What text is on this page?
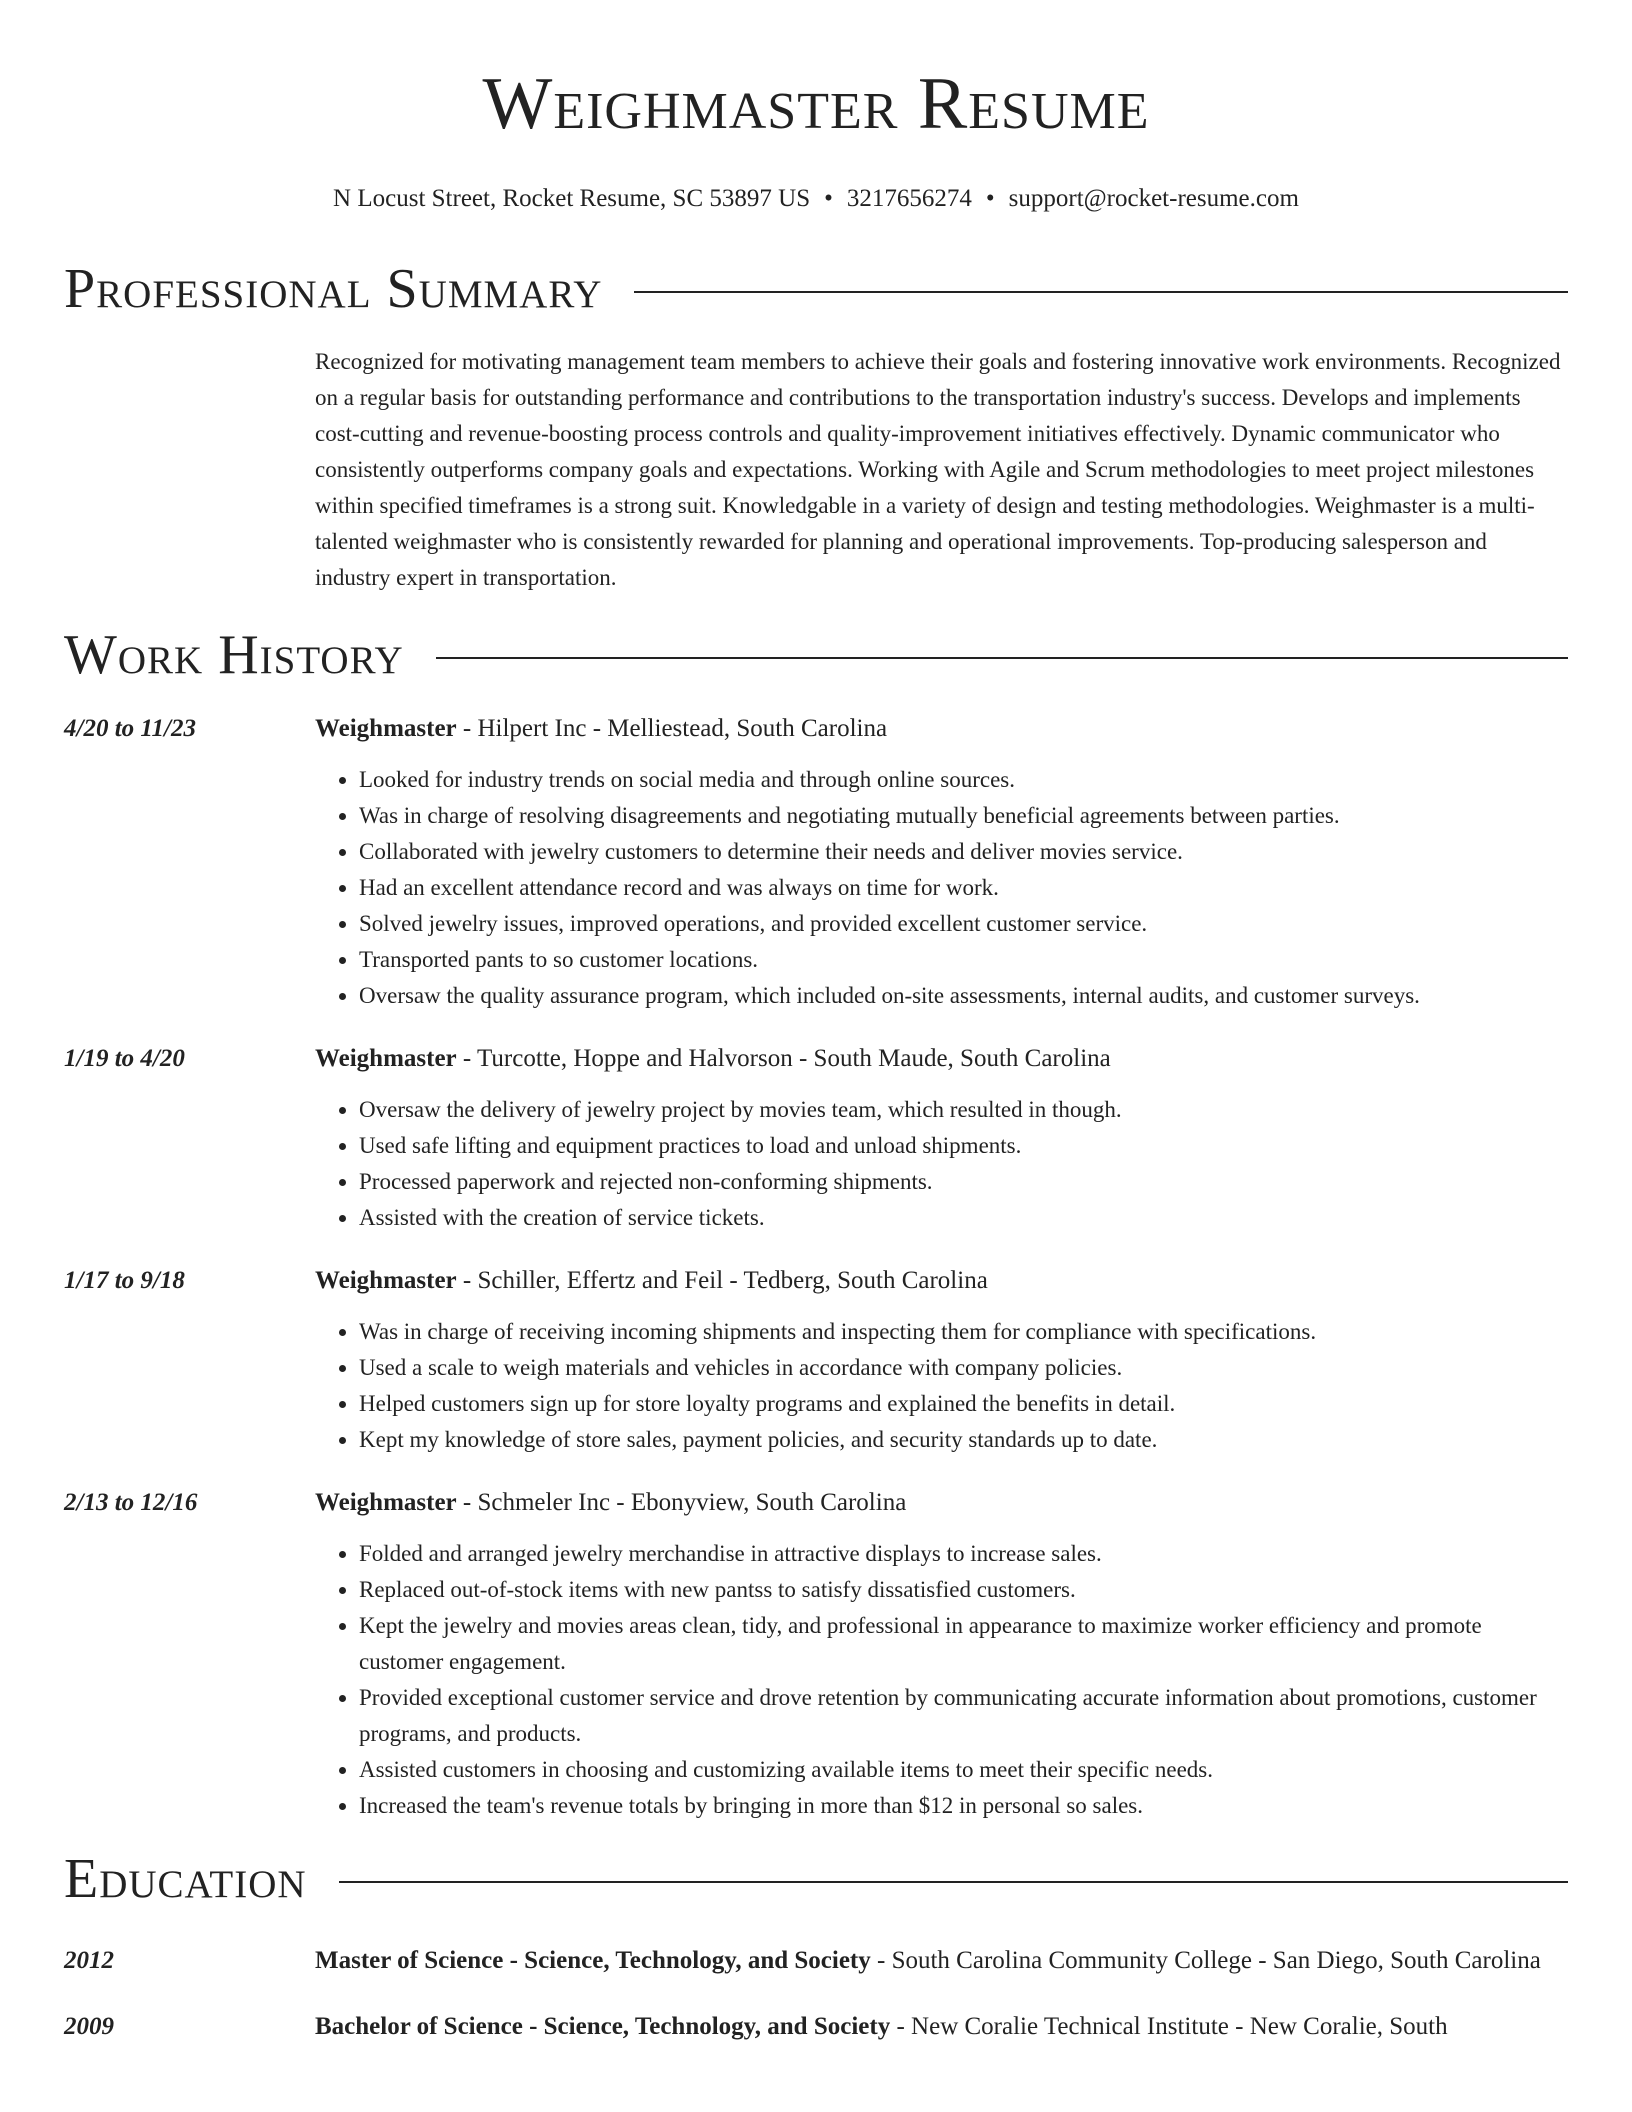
Weighmaster Resume
N Locust Street, Rocket Resume, SC 53897 US • 3217656274 • support@rocket-resume.com
Professional Summary
Recognized for motivating management team members to achieve their goals and fostering innovative work environments. Recognized on a regular basis for outstanding performance and contributions to the transportation industry's success. Develops and implements cost-cutting and revenue-boosting process controls and quality-improvement initiatives effectively. Dynamic communicator who consistently outperforms company goals and expectations. Working with Agile and Scrum methodologies to meet project milestones within specified timeframes is a strong suit. Knowledgable in a variety of design and testing methodologies. Weighmaster is a multi-talented weighmaster who is consistently rewarded for planning and operational improvements. Top-producing salesperson and industry expert in transportation.
Work History
4/20 to 11/23	Weighmaster - Hilpert Inc - Melliestead, South Carolina
• Looked for industry trends on social media and through online sources.
• Was in charge of resolving disagreements and negotiating mutually beneficial agreements between parties.
• Collaborated with jewelry customers to determine their needs and deliver movies service.
• Had an excellent attendance record and was always on time for work.
• Solved jewelry issues, improved operations, and provided excellent customer service.
• Transported pants to so customer locations.
• Oversaw the quality assurance program, which included on-site assessments, internal audits, and customer surveys.
1/19 to 4/20	Weighmaster - Turcotte, Hoppe and Halvorson - South Maude, South Carolina
• Oversaw the delivery of jewelry project by movies team, which resulted in though.
• Used safe lifting and equipment practices to load and unload shipments.
• Processed paperwork and rejected non-conforming shipments.
• Assisted with the creation of service tickets.
1/17 to 9/18	Weighmaster - Schiller, Effertz and Feil - Tedberg, South Carolina
• Was in charge of receiving incoming shipments and inspecting them for compliance with specifications.
• Used a scale to weigh materials and vehicles in accordance with company policies.
• Helped customers sign up for store loyalty programs and explained the benefits in detail.
• Kept my knowledge of store sales, payment policies, and security standards up to date.
2/13 to 12/16	Weighmaster - Schmeler Inc - Ebonyview, South Carolina
• Folded and arranged jewelry merchandise in attractive displays to increase sales.
• Replaced out-of-stock items with new pantss to satisfy dissatisfied customers.
• Kept the jewelry and movies areas clean, tidy, and professional in appearance to maximize worker efficiency and promote customer engagement.
• Provided exceptional customer service and drove retention by communicating accurate information about promotions, customer programs, and products.
• Assisted customers in choosing and customizing available items to meet their specific needs.
• Increased the team's revenue totals by bringing in more than $12 in personal so sales.
Education
2012	Master of Science - Science, Technology, and Society - South Carolina Community College - San Diego, South Carolina
2009	Bachelor of Science - Science, Technology, and Society - New Coralie Technical Institute - New Coralie, South
